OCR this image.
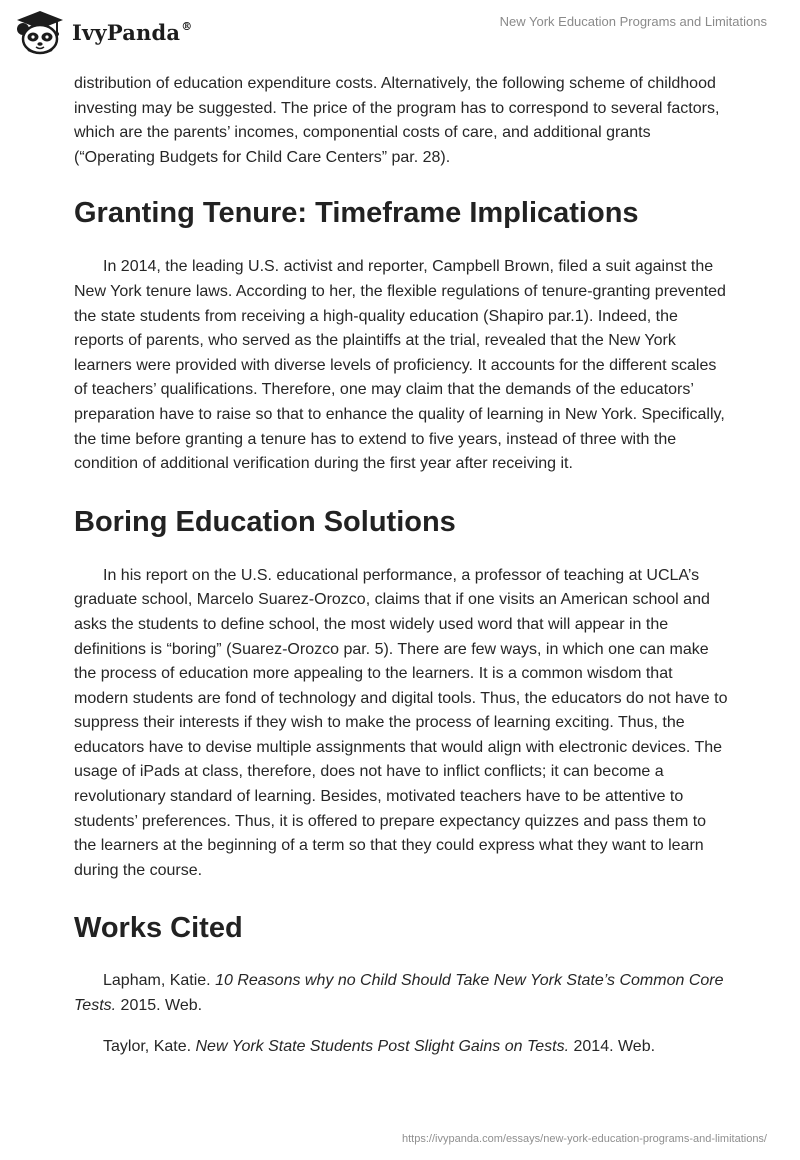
IvyPanda®	New York Education Programs and Limitations

distribution of education expenditure costs. Alternatively, the following scheme of childhood investing may be suggested. The price of the program has to correspond to several factors, which are the parents’ incomes, componential costs of care, and additional grants (“Operating Budgets for Child Care Centers” par. 28).

Granting Tenure: Timeframe Implications

In 2014, the leading U.S. activist and reporter, Campbell Brown, filed a suit against the New York tenure laws. According to her, the flexible regulations of tenure-granting prevented the state students from receiving a high-quality education (Shapiro par.1). Indeed, the reports of parents, who served as the plaintiffs at the trial, revealed that the New York learners were provided with diverse levels of proficiency. It accounts for the different scales of teachers’ qualifications. Therefore, one may claim that the demands of the educators’ preparation have to raise so that to enhance the quality of learning in New York. Specifically, the time before granting a tenure has to extend to five years, instead of three with the condition of additional verification during the first year after receiving it.

Boring Education Solutions

In his report on the U.S. educational performance, a professor of teaching at UCLA’s graduate school, Marcelo Suarez-Orozco, claims that if one visits an American school and asks the students to define school, the most widely used word that will appear in the definitions is “boring” (Suarez-Orozco par. 5). There are few ways, in which one can make the process of education more appealing to the learners. It is a common wisdom that modern students are fond of technology and digital tools. Thus, the educators do not have to suppress their interests if they wish to make the process of learning exciting. Thus, the educators have to devise multiple assignments that would align with electronic devices. The usage of iPads at class, therefore, does not have to inflict conflicts; it can become a revolutionary standard of learning. Besides, motivated teachers have to be attentive to students’ preferences. Thus, it is offered to prepare expectancy quizzes and pass them to the learners at the beginning of a term so that they could express what they want to learn during the course.

Works Cited

Lapham, Katie. 10 Reasons why no Child Should Take New York State’s Common Core Tests. 2015. Web.

Taylor, Kate. New York State Students Post Slight Gains on Tests. 2014. Web.

https://ivypanda.com/essays/new-york-education-programs-and-limitations/
